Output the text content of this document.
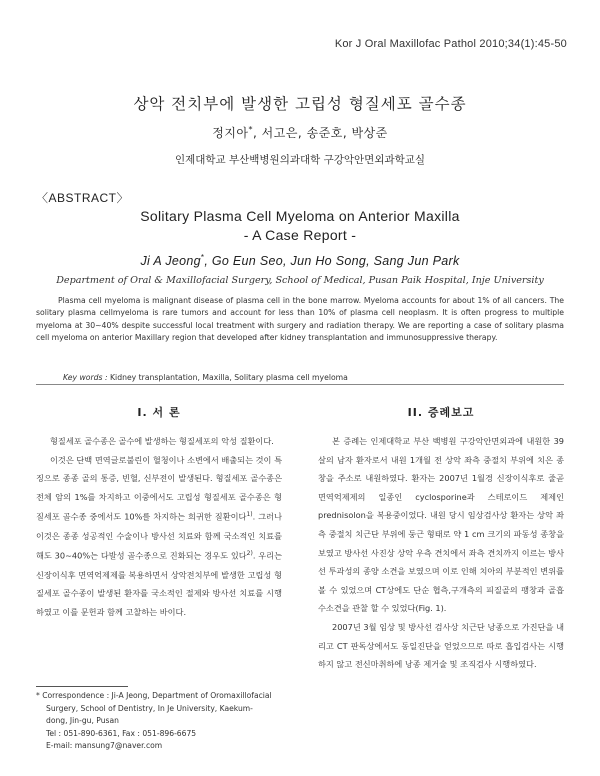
Kor J Oral Maxillofac Pathol 2010;34(1):45-50
상악 전치부에 발생한 고립성 형질세포 골수종
정지아*, 서고은, 송준호, 박상준
인제대학교 부산백병원의과대학 구강악안면외과학교실
〈ABSTRACT〉
Solitary Plasma Cell Myeloma on Anterior Maxilla
- A Case Report -
Ji A Jeong*, Go Eun Seo, Jun Ho Song, Sang Jun Park
Department of Oral & Maxillofacial Surgery, School of Medical, Pusan Paik Hospital, Inje University

Plasma cell myeloma is malignant disease of plasma cell in the bone marrow. Myeloma accounts for about 1% of all cancers. The solitary plasma cellmyeloma is rare tumors and account for less than 10% of plasma cell neoplasm. It is often progress to multiple myeloma at 30~40% despite successful local treatment with surgery and radiation therapy. We are reporting a case of solitary plasma cell myeloma on anterior Maxillary region that developed after kidney transplantation and immunosuppressive therapy.

Key words : Kidney transplantation, Maxilla, Solitary plasma cell myeloma
I. 서 론	II. 증례보고

형질세포 골수종은 골수에 발생하는 형질세포의 악성 질환이다.

이것은 단백 면역글로불린이 혈청이나 소변에서 배출되는 것이 특징으로 종종 골의 통증, 빈혈, 신부전이 발생된다. 형질세포 골수종은 전체 암의 1%를 차지하고 이중에서도 고립성 형질세포 골수종은 형질세포 골수종 중에서도 10%를 차지하는 희귀한 질환이다$^{1)}$. 그러나 이것은 종종 성공적인 수술이나 방사선 치료와 함께 국소적인 치료를 해도 30~40%는 다발성 골수종으로 진화되는 경우도 있다$^{2)}$. 우리는 신장이식후 면역억제제를 복용하면서 상악전치부에 발생한 고립성 형질세포 골수종이 발생된 환자를 국소적인 절제와 방사선 치료를 시행하였고 이를 문헌과 함께 고찰하는 바이다.

본 증례는 인제대학교 부산 백병원 구강악안면외과에 내원한 39살의 남자 환자로서 내원 1개월 전 상악 좌측 중절치 부위에 치은 종창을 주소로 내원하였다. 환자는 2007년 1월경 신장이식후로 줄곧 면역억제제의 일종인 cyclosporine과 스테로이드 제제인 prednisolon을 복용중이었다. 내원 당시 임상검사상 환자는 상악 좌측 중절치 치근단 부위에 둥근 형태로 약 1 cm 크기의 파동성 종창을 보였고 방사선 사진상 상악 우측 견치에서 좌측 견치까지 이르는 방사선 투과성의 종양 소견을 보였으며 이로 인해 치아의 부분적인 변위를 볼 수 있었으며 CT상에도 단순 협측,구개측의 피질골의 팽창과 골흡수소견을 관찰 할 수 있었다(Fig. 1).

2007년 3월 임상 및 방사선 검사상 치근단 낭종으로 가진단을 내리고 CT 판독상에서도 동일진단을 얻었으므로 따로 흡입검사는 시행하지 않고 전신마취하에 낭종 제거술 및 조직검사 시행하였다.

* Correspondence : Ji-A Jeong, Department of Oromaxillofacial
Surgery, School of Dentistry, In Je University, Kaekum-
dong, Jin-gu, Pusan
Tel : 051-890-6361, Fax : 051-896-6675
E-mail: mansung7@naver.com
